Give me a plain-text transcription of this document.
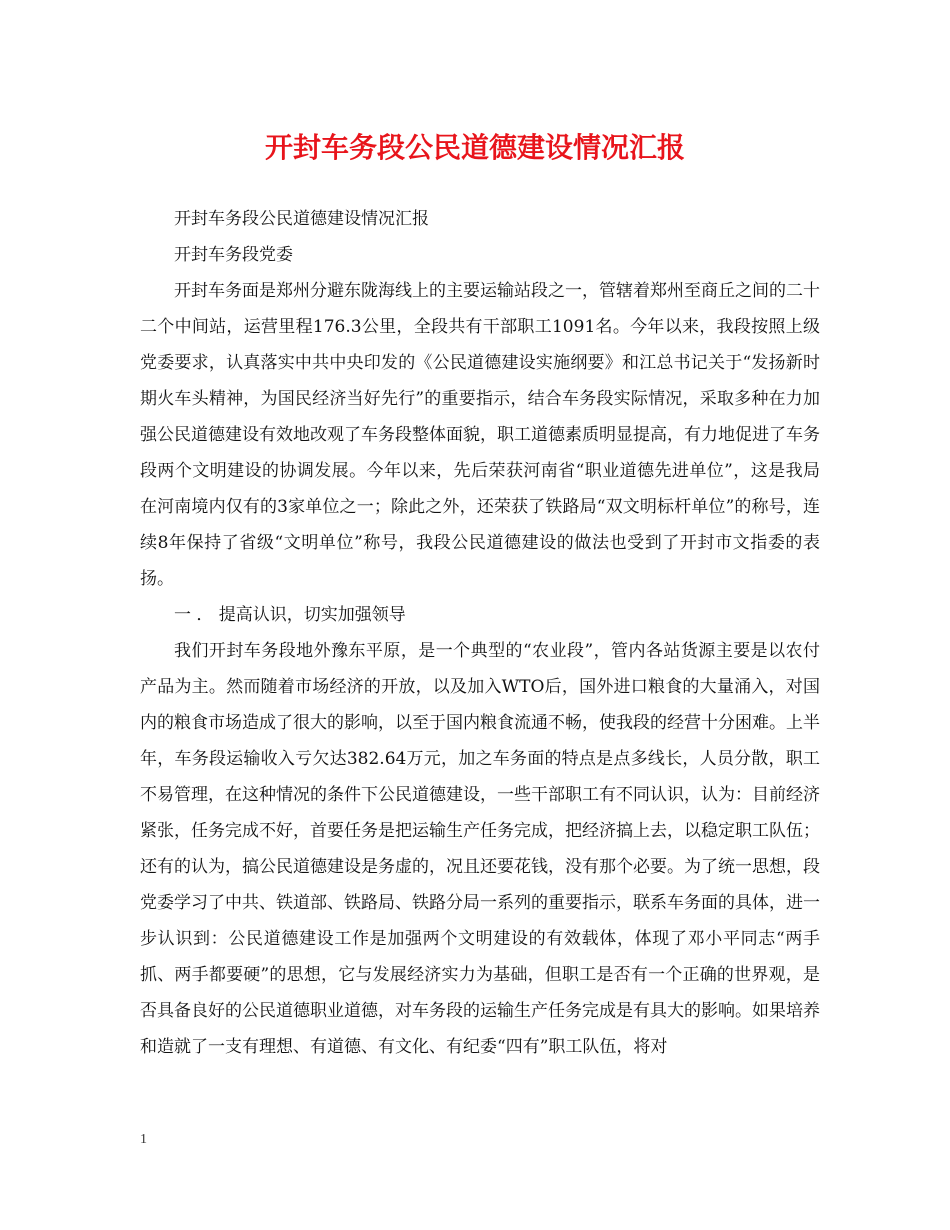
开封车务段公民道德建设情况汇报

开封车务段公民道德建设情况汇报

开封车务段党委

开封车务面是郑州分避东陇海线上的主要运输站段之一，管辖着郑州至商丘之间的二十二个中间站，运营里程176.3公里，全段共有干部职工1091名。今年以来，我段按照上级党委要求，认真落实中共中央印发的《公民道德建设实施纲要》和江总书记关于“发扬新时期火车头精神，为国民经济当好先行”的重要指示，结合车务段实际情况，采取多种在力加强公民道德建设有效地改观了车务段整体面貌，职工道德素质明显提高，有力地促进了车务段两个文明建设的协调发展。今年以来，先后荣获河南省“职业道德先进单位”，这是我局在河南境内仅有的3家单位之一；除此之外，还荣获了铁路局“双文明标杆单位”的称号，连续8年保持了省级“文明单位”称号，我段公民道德建设的做法也受到了开封市文指委的表扬。

一 ． 提高认识，切实加强领导

我们开封车务段地外豫东平原，是一个典型的“农业段”，管内各站货源主要是以农付产品为主。然而随着市场经济的开放，以及加入WTO后，国外进口粮食的大量涌入，对国内的粮食市场造成了很大的影响，以至于国内粮食流通不畅，使我段的经营十分困难。上半年，车务段运输收入亏欠达382.64万元，加之车务面的特点是点多线长，人员分散，职工不易管理，在这种情况的条件下公民道德建设，一些干部职工有不同认识，认为：目前经济紧张，任务完成不好，首要任务是把运输生产任务完成，把经济搞上去，以稳定职工队伍；还有的认为，搞公民道德建设是务虚的，况且还要花钱，没有那个必要。为了统一思想，段党委学习了中共、铁道部、铁路局、铁路分局一系列的重要指示，联系车务面的具体，进一步认识到：公民道德建设工作是加强两个文明建设的有效载体，体现了邓小平同志“两手抓、两手都要硬”的思想，它与发展经济实力为基础，但职工是否有一个正确的世界观，是否具备良好的公民道德职业道德，对车务段的运输生产任务完成是有具大的影响。如果培养和造就了一支有理想、有道德、有文化、有纪委“四有”职工队伍，将对

1
